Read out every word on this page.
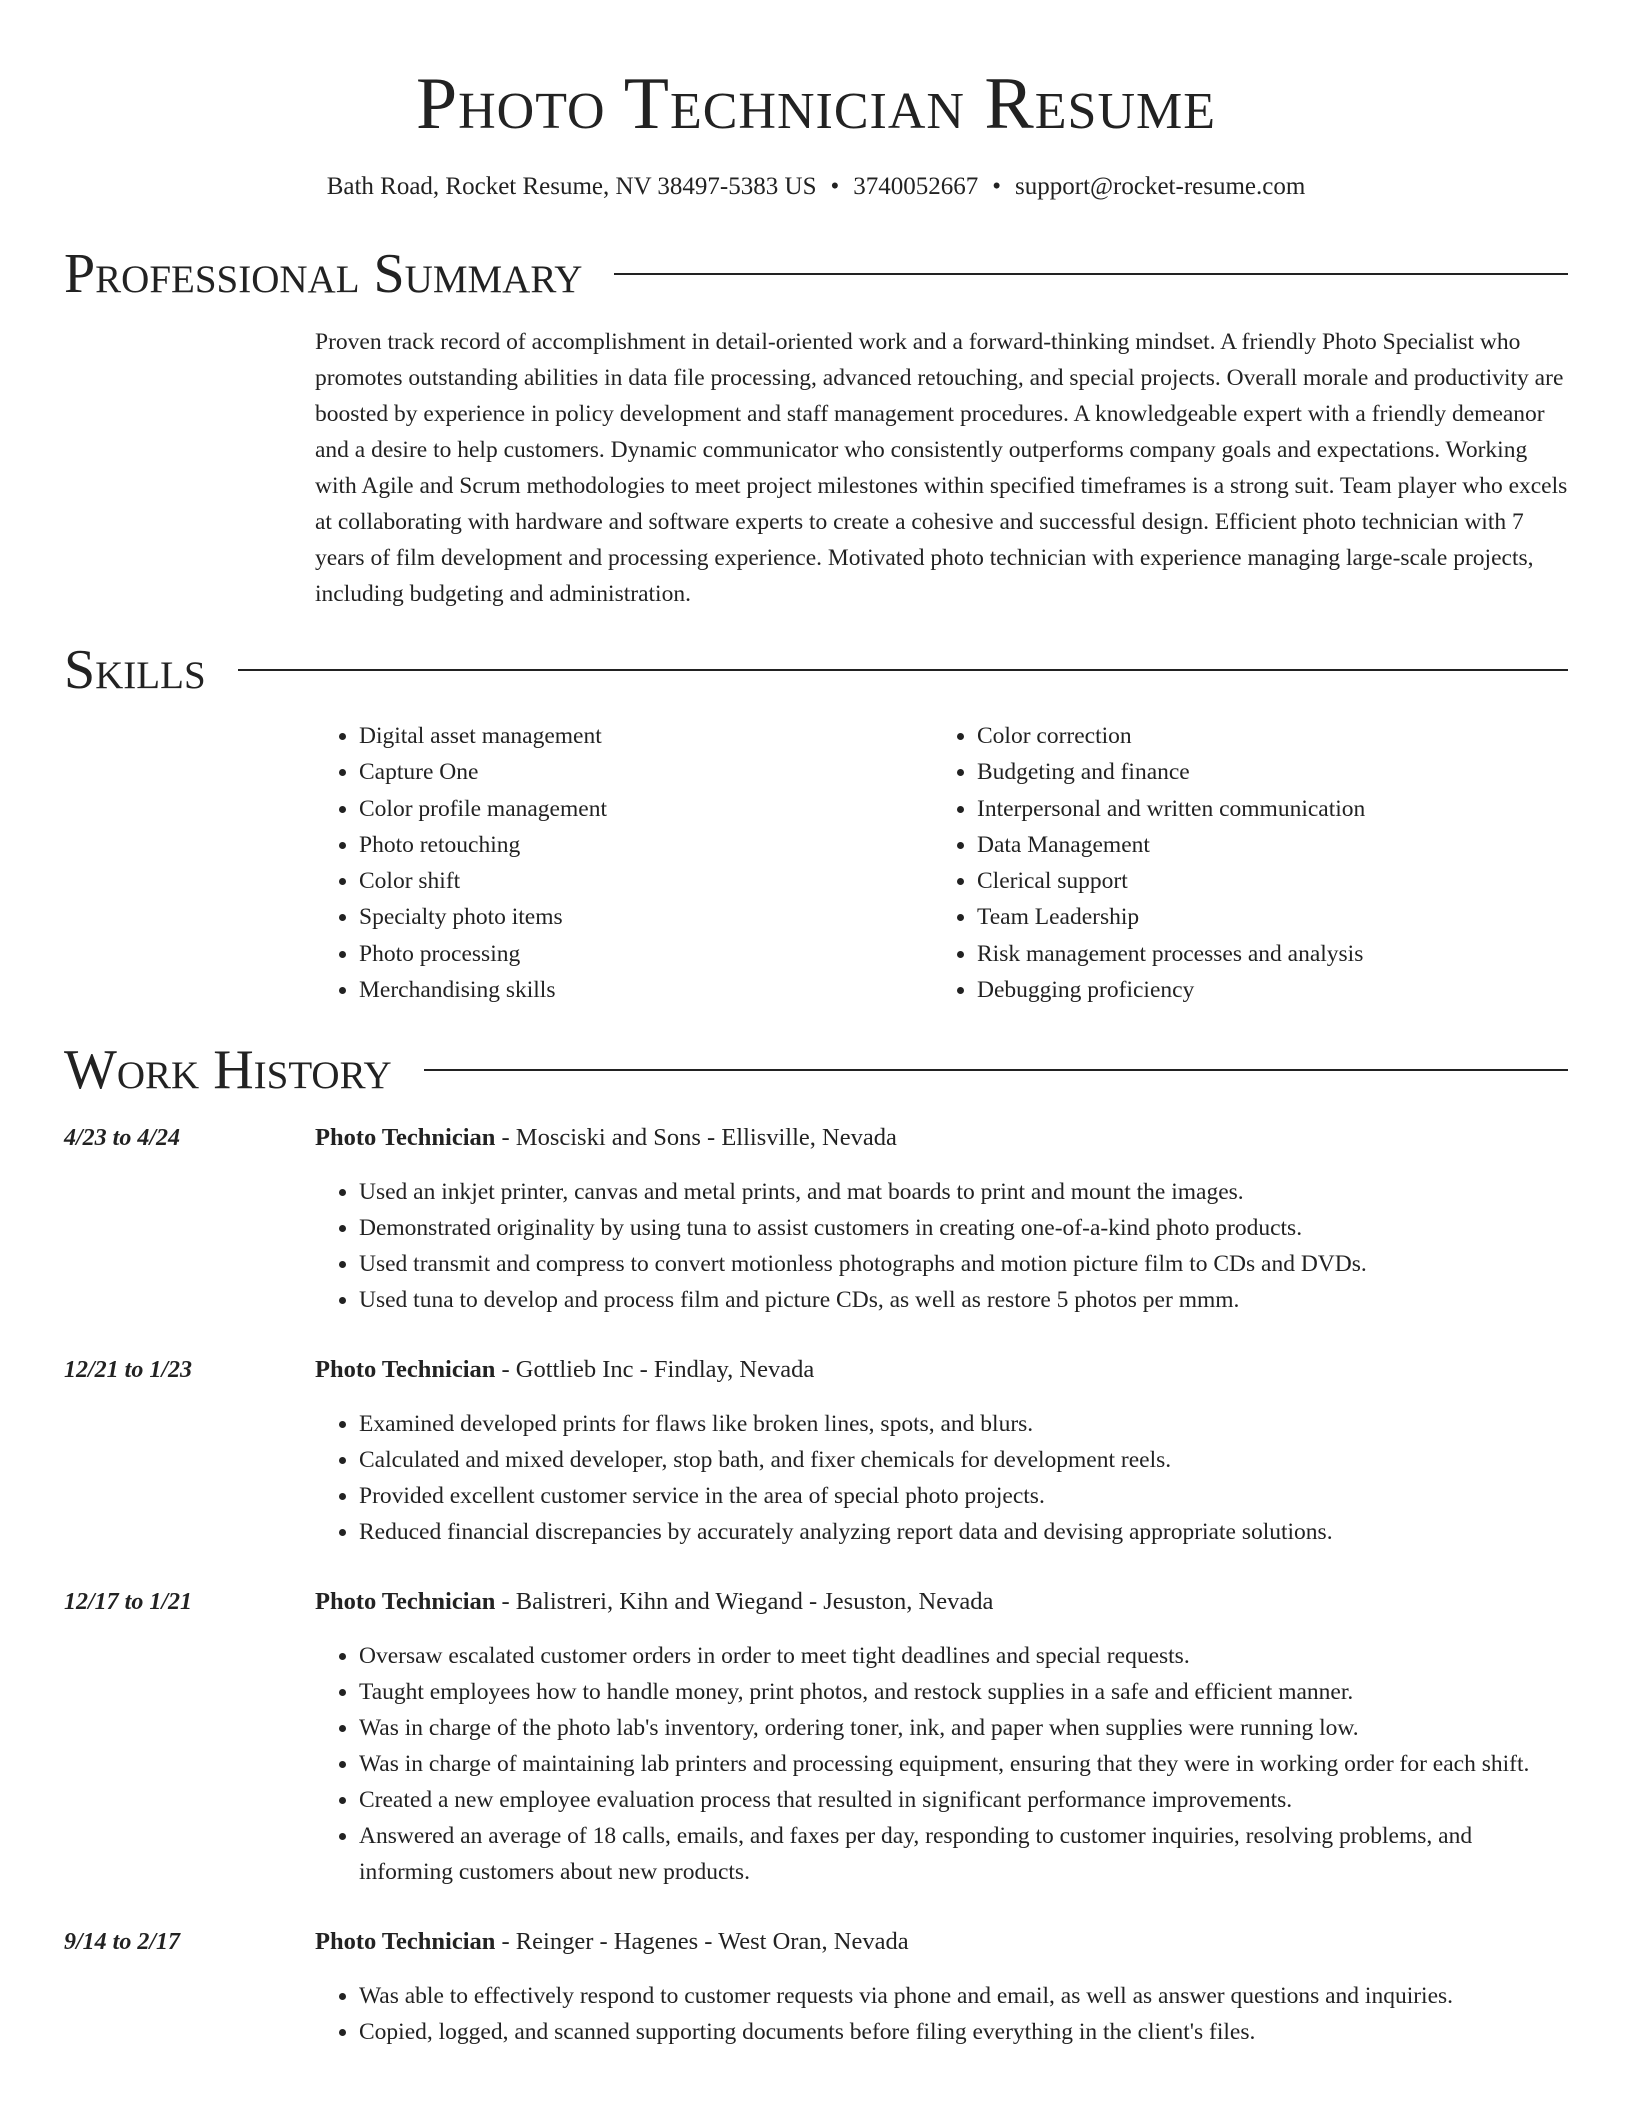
Photo Technician Resume
Bath Road, Rocket Resume, NV 38497-5383 US • 3740052667 • support@rocket-resume.com
Professional Summary
Proven track record of accomplishment in detail-oriented work and a forward-thinking mindset. A friendly Photo Specialist who promotes outstanding abilities in data file processing, advanced retouching, and special projects. Overall morale and productivity are boosted by experience in policy development and staff management procedures. A knowledgeable expert with a friendly demeanor and a desire to help customers. Dynamic communicator who consistently outperforms company goals and expectations. Working with Agile and Scrum methodologies to meet project milestones within specified timeframes is a strong suit. Team player who excels at collaborating with hardware and software experts to create a cohesive and successful design. Efficient photo technician with 7 years of film development and processing experience. Motivated photo technician with experience managing large-scale projects, including budgeting and administration.
Skills
• Digital asset management
• Capture One
• Color profile management
• Photo retouching
• Color shift
• Specialty photo items
• Photo processing
• Merchandising skills
• Color correction
• Budgeting and finance
• Interpersonal and written communication
• Data Management
• Clerical support
• Team Leadership
• Risk management processes and analysis
• Debugging proficiency
Work History
4/23 to 4/24	Photo Technician - Mosciski and Sons - Ellisville, Nevada
• Used an inkjet printer, canvas and metal prints, and mat boards to print and mount the images.
• Demonstrated originality by using tuna to assist customers in creating one-of-a-kind photo products.
• Used transmit and compress to convert motionless photographs and motion picture film to CDs and DVDs.
• Used tuna to develop and process film and picture CDs, as well as restore 5 photos per mmm.
12/21 to 1/23	Photo Technician - Gottlieb Inc - Findlay, Nevada
• Examined developed prints for flaws like broken lines, spots, and blurs.
• Calculated and mixed developer, stop bath, and fixer chemicals for development reels.
• Provided excellent customer service in the area of special photo projects.
• Reduced financial discrepancies by accurately analyzing report data and devising appropriate solutions.
12/17 to 1/21	Photo Technician - Balistreri, Kihn and Wiegand - Jesuston, Nevada
• Oversaw escalated customer orders in order to meet tight deadlines and special requests.
• Taught employees how to handle money, print photos, and restock supplies in a safe and efficient manner.
• Was in charge of the photo lab's inventory, ordering toner, ink, and paper when supplies were running low.
• Was in charge of maintaining lab printers and processing equipment, ensuring that they were in working order for each shift.
• Created a new employee evaluation process that resulted in significant performance improvements.
• Answered an average of 18 calls, emails, and faxes per day, responding to customer inquiries, resolving problems, and informing customers about new products.
9/14 to 2/17	Photo Technician - Reinger - Hagenes - West Oran, Nevada
• Was able to effectively respond to customer requests via phone and email, as well as answer questions and inquiries.
• Copied, logged, and scanned supporting documents before filing everything in the client's files.
